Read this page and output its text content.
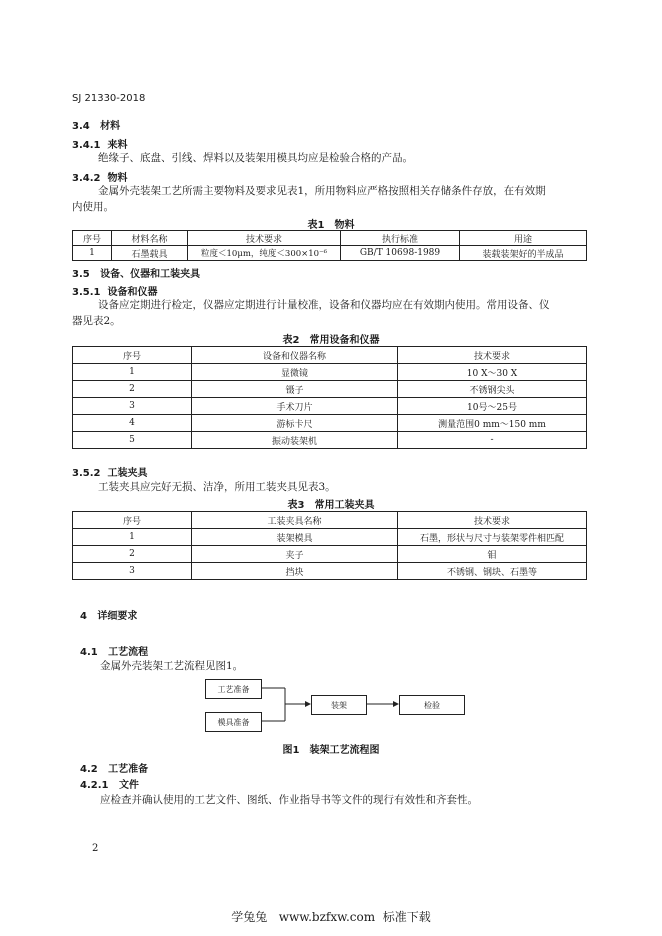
SJ 21330-2018
3.4 材料
3.4.1 来料
绝缘子、底盘、引线、焊料以及装架用模具均应是检验合格的产品。
3.4.2 物料
金属外壳装架工艺所需主要物料及要求见表1，所用物料应严格按照相关存储条件存放，在有效期
内使用。
表1　物料
序号	材料名称	技术要求	执行标准	用途
1	石墨载具	粒度＜10μm，纯度＜300×10⁻⁶	GB/T 10698-1989	装载装架好的半成品
3.5 设备、仪器和工装夹具
3.5.1 设备和仪器
设备应定期进行检定，仪器应定期进行计量校准，设备和仪器均应在有效期内使用。常用设备、仪
器见表2。
表2　常用设备和仪器
序号	设备和仪器名称	技术要求
1	显微镜	10 X～30 X
2	镊子	不锈钢尖头
3	手术刀片	10号～25号
4	游标卡尺	测量范围0 mm～150 mm
5	振动装架机	-
3.5.2 工装夹具
工装夹具应完好无损、洁净，所用工装夹具见表3。
表3　常用工装夹具
序号	工装夹具名称	技术要求
1	装架模具	石墨，形状与尺寸与装架零件相匹配
2	夹子	钼
3	挡块	不锈钢、钢块、石墨等
4 详细要求
4.1 工艺流程
金属外壳装架工艺流程见图1。
工艺准备
模具准备
装架	检验
图1　装架工艺流程图
4.2 工艺准备
4.2.1 文件
应检查并确认使用的工艺文件、图纸、作业指导书等文件的现行有效性和齐套性。
2
学兔兔 www.bzfxw.com 标准下载
